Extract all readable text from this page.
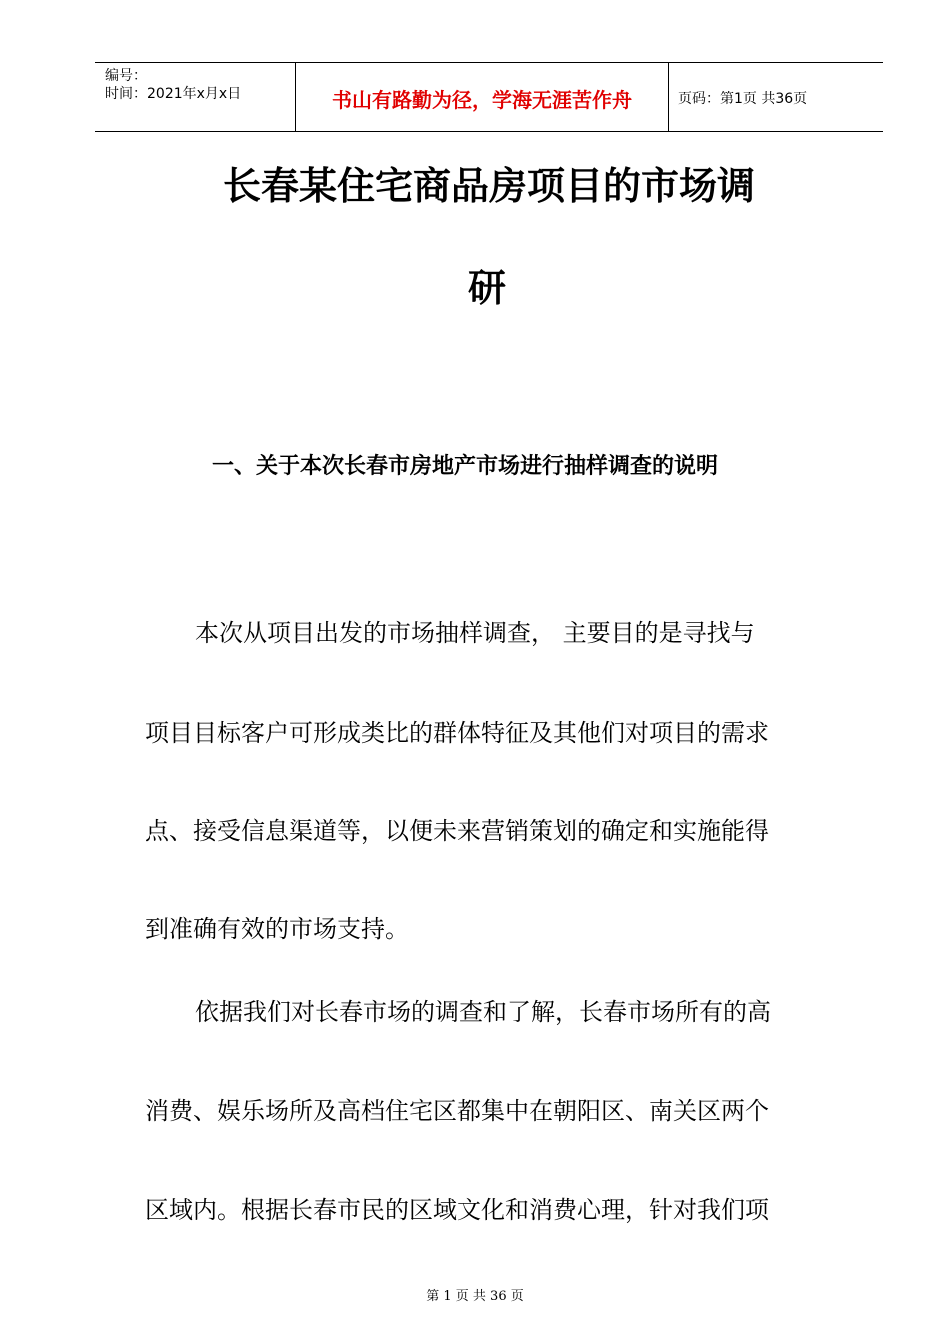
编号：
时间：2021年x月x日	书山有路勤为径，学海无涯苦作舟	页码：第1页 共36页
长春某住宅商品房项目的市场调
研
一、关于本次长春市房地产市场进行抽样调查的说明
本次从项目出发的市场抽样调查， 主要目的是寻找与
项目目标客户可形成类比的群体特征及其他们对项目的需求
点、接受信息渠道等，以便未来营销策划的确定和实施能得
到准确有效的市场支持。
依据我们对长春市场的调查和了解，长春市场所有的高
消费、娱乐场所及高档住宅区都集中在朝阳区、南关区两个
区域内。根据长春市民的区域文化和消费心理，针对我们项
第 1 页 共 36 页
